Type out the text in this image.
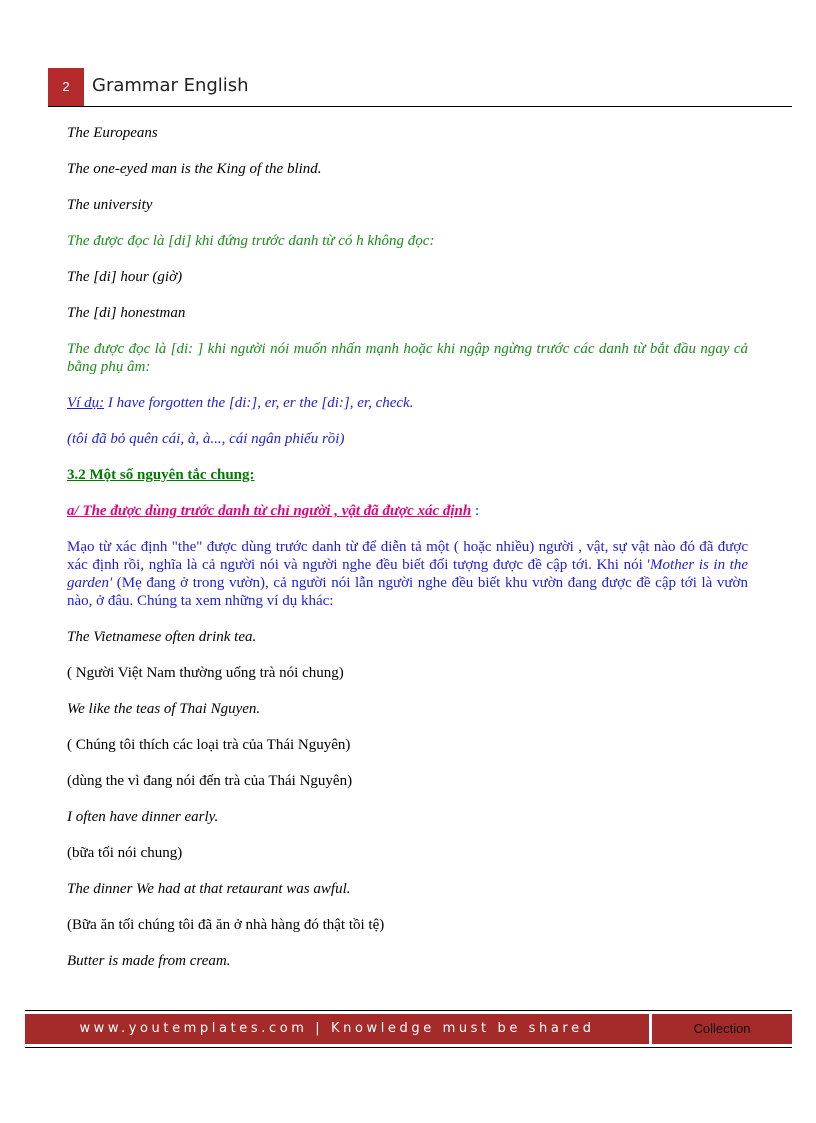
2	Grammar English

The Europeans

The one-eyed man is the King of the blind.

The university

The được đọc là [di] khi đứng trước danh từ có h không đọc:

The [di] hour (giờ)

The [di] honestman

The được đọc là [di: ] khi người nói muốn nhấn mạnh hoặc khi ngập ngừng trước các danh từ bắt đầu ngay cả bằng phụ âm:

Ví dụ: I have forgotten the [di:], er, er the [di:], er, check.

(tôi đã bỏ quên cái, à, à..., cái ngân phiếu rồi)

3.2 Một số nguyên tắc chung:

a/ The được dùng trước danh từ chỉ người , vật đã được xác định :

Mạo từ xác định "the" được dùng trước danh từ để diễn tả một ( hoặc nhiều) người , vật, sự vật nào đó đã được xác định rồi, nghĩa là cả người nói và người nghe đều biết đối tượng được đề cập tới. Khi nói 'Mother is in the garden' (Mẹ đang ở trong vườn), cả người nói lẫn người nghe đều biết khu vườn đang được đề cập tới là vườn nào, ở đâu. Chúng ta xem những ví dụ khác:

The Vietnamese often drink tea.

( Người Việt Nam thường uống trà nói chung)

We like the teas of Thai Nguyen.

( Chúng tôi thích các loại trà của Thái Nguyên)

(dùng the vì đang nói đến trà của Thái Nguyên)

I often have dinner early.

(bữa tối nói chung)

The dinner We had at that retaurant was awful.

(Bữa ăn tối chúng tôi đã ăn ở nhà hàng đó thật tồi tệ)

Butter is made from cream.

www.youtemplates.com | Knowledge must be shared	Collection
